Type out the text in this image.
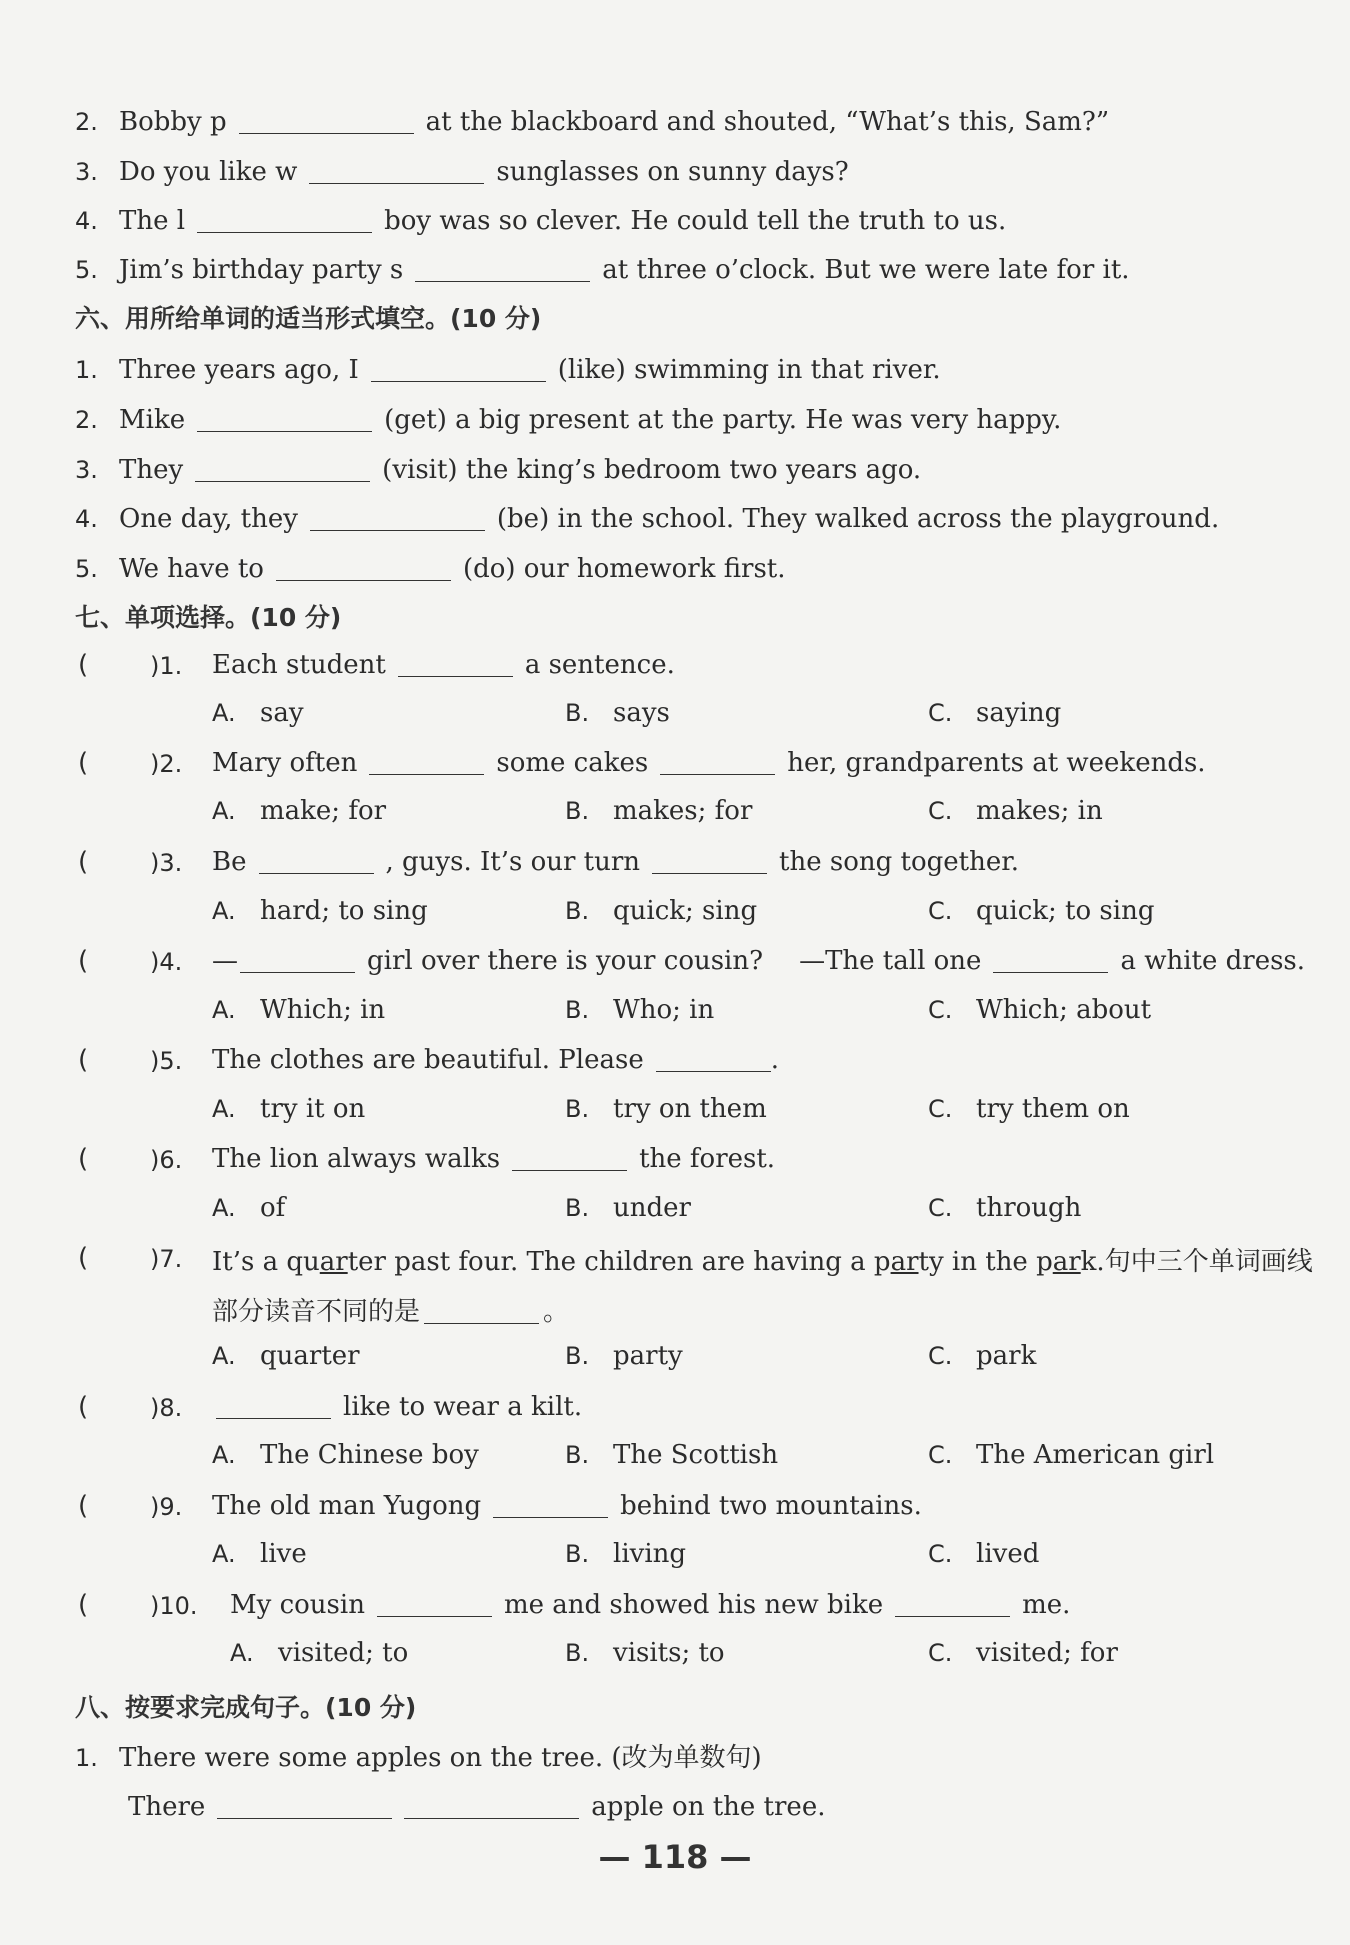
2. Bobby p	at the blackboard and shouted, “What’s this, Sam?”
3. Do you like w	sunglasses on sunny days?
4. The l	boy was so clever. He could tell the truth to us.
5. Jim’s birthday party s	at three o’clock. But we were late for it.
六、用所给单词的适当形式填空。(10 分)
1. Three years ago, I	(like) swimming in that river.
2. Mike	(get) a big present at the party. He was very happy.
3. They	(visit) the king’s bedroom two years ago.
4. One day, they	(be) in the school. They walked across the playground.
5. We have to	(do) our homework first.
七、单项选择。(10 分)
(	)1. Each student	a sentence.
A. say	B. says	C. saying
(	)2. Mary often	some cakes	her, grandparents at weekends.
A. make; for	B. makes; for	C. makes; in
(	)3. Be	, guys. It’s our turn	the song together.
A. hard; to sing	B. quick; sing	C. quick; to sing
(	)4. —	girl over there is your cousin? —The tall one	a white dress.
A. Which; in	B. Who; in	C. Which; about
(	)5. The clothes are beautiful. Please	.
A. try it on	B. try on them	C. try them on
(	)6. The lion always walks	the forest.
A. of	B. under	C. through
(	)7. It’s a quarter past four. The children are having a party in the park.句中三个单词画线
部分读音不同的是	。
A. quarter	B. party	C. park
(	)8.	like to wear a kilt.
A. The Chinese boy	B. The Scottish	C. The American girl
(	)9. The old man Yugong	behind two mountains.
A. live	B. living	C. lived
(	)10. My cousin	me and showed his new bike	me.
A. visited; to	B. visits; to	C. visited; for
八、按要求完成句子。(10 分)
1. There were some apples on the tree. (改为单数句)
There	apple on the tree.
— 118 —
